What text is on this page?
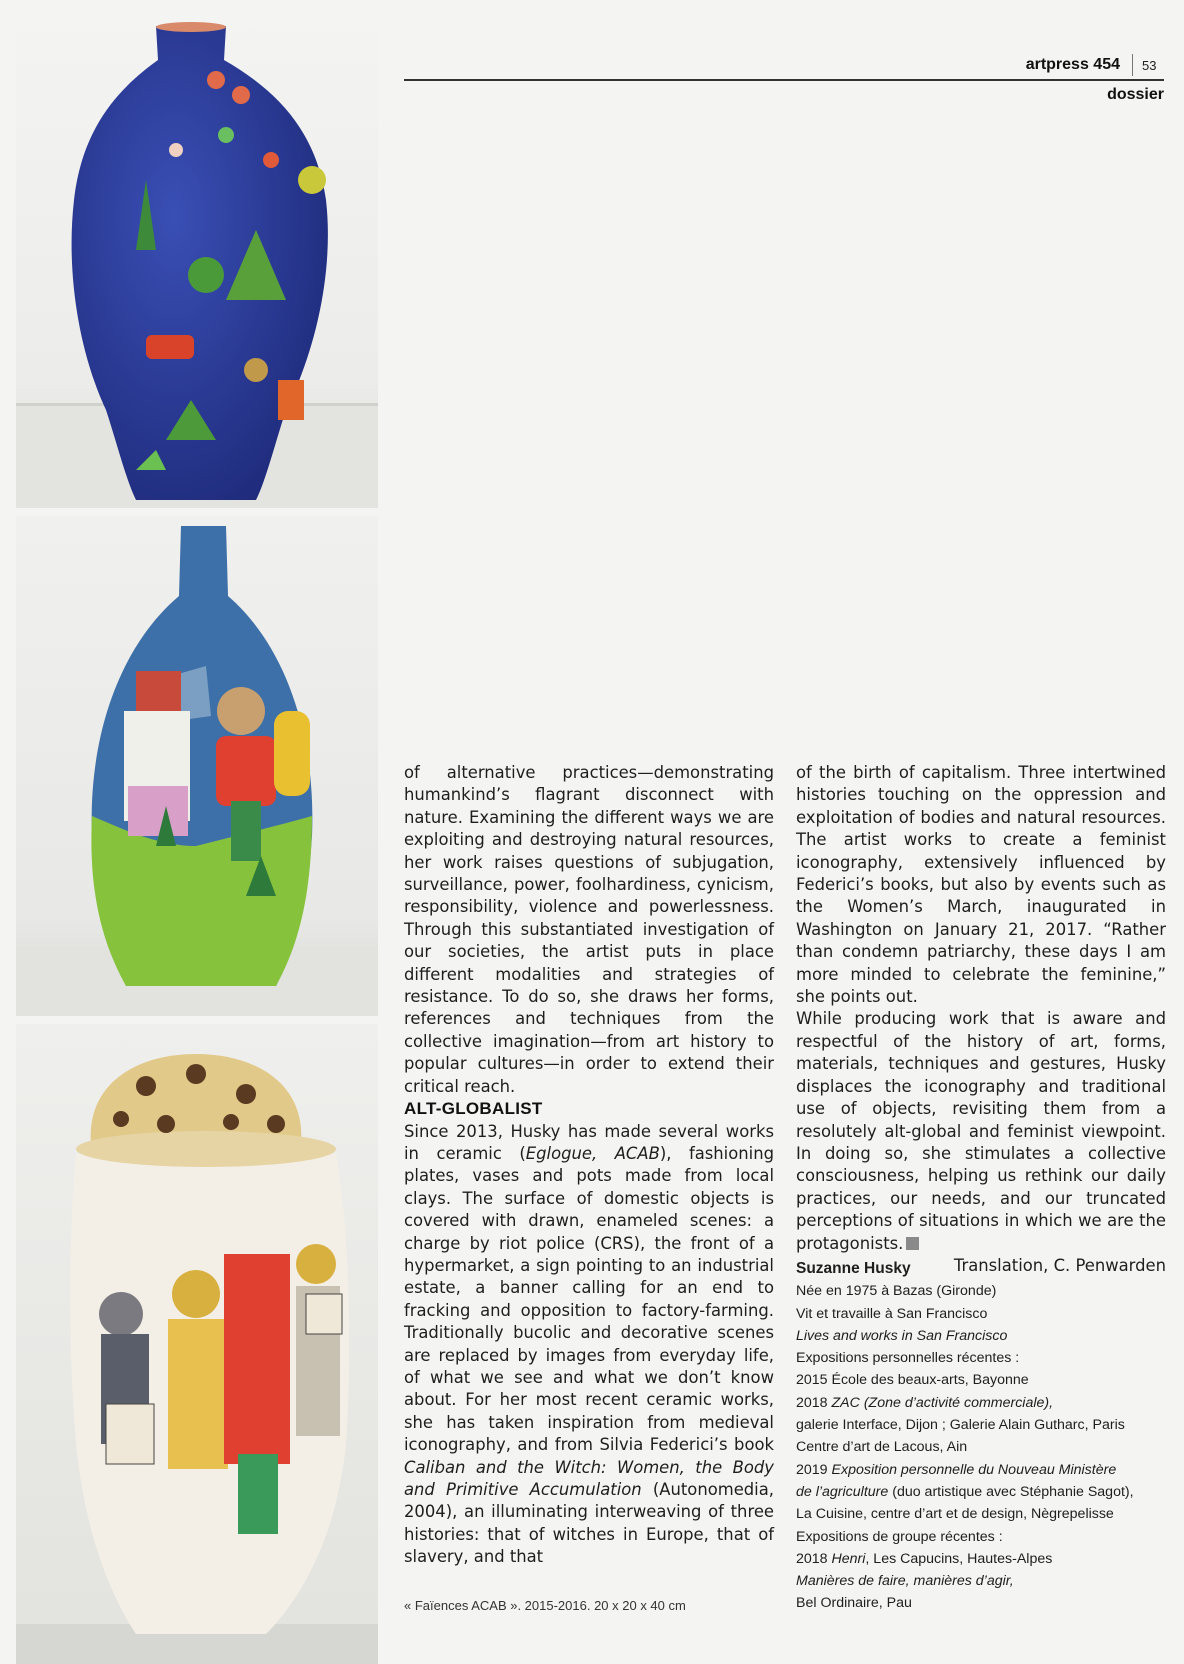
artpress 454 53
dossier

of alternative practices—demonstrating humankind’s flagrant disconnect with nature. Examining the different ways we are exploiting and destroying natural resources, her work raises questions of subjugation, surveillance, power, foolhardiness, cynicism, responsibility, violence and powerlessness. Through this substantiated investigation of our societies, the artist puts in place different modalities and strategies of resistance. To do so, she draws her forms, references and techniques from the collective imagination—from art history to popular cultures—in order to extend their critical reach.

ALT-GLOBALIST

Since 2013, Husky has made several works in ceramic (Eglogue, ACAB), fashioning plates, vases and pots made from local clays. The surface of domestic objects is covered with drawn, enameled scenes: a charge by riot police (CRS), the front of a hypermarket, a sign pointing to an industrial estate, a banner calling for an end to fracking and opposition to factory-farming. Traditionally bucolic and decorative scenes are replaced by images from everyday life, of what we see and what we don’t know about. For her most recent ceramic works, she has taken inspiration from medieval iconography, and from Silvia Federici’s book Caliban and the Witch: Women, the Body and Primitive Accumulation (Autonomedia, 2004), an illuminating interweaving of three histories: that of witches in Europe, that of slavery, and that

of the birth of capitalism. Three intertwined histories touching on the oppression and exploitation of bodies and natural resources. The artist works to create a feminist iconography, extensively influenced by Federici’s books, but also by events such as the Women’s March, inaugurated in Washington on January 21, 2017. “Rather than condemn patriarchy, these days I am more minded to celebrate the feminine,” she points out.

While producing work that is aware and respectful of the history of art, forms, materials, techniques and gestures, Husky displaces the iconography and traditional use of objects, revisiting them from a resolutely alt-global and feminist viewpoint. In doing so, she stimulates a collective consciousness, helping us rethink our daily practices, our needs, and our truncated perceptions of situations in which we are the protagonists.

Translation, C. Penwarden

Suzanne Husky
Née en 1975 à Bazas (Gironde)
Vit et travaille à San Francisco
Lives and works in San Francisco
Expositions personnelles récentes :
2015 École des beaux-arts, Bayonne
2018 ZAC (Zone d’activité commerciale),
galerie Interface, Dijon ; Galerie Alain Gutharc, Paris
Centre d’art de Lacous, Ain
2019 Exposition personnelle du Nouveau Ministère
de l’agriculture (duo artistique avec Stéphanie Sagot),
La Cuisine, centre d’art et de design, Nègrepelisse
Expositions de groupe récentes :
2018 Henri, Les Capucins, Hautes-Alpes
Manières de faire, manières d’agir,
Bel Ordinaire, Pau
« Faïences ACAB ». 2015-2016. 20 x 20 x 40 cm
